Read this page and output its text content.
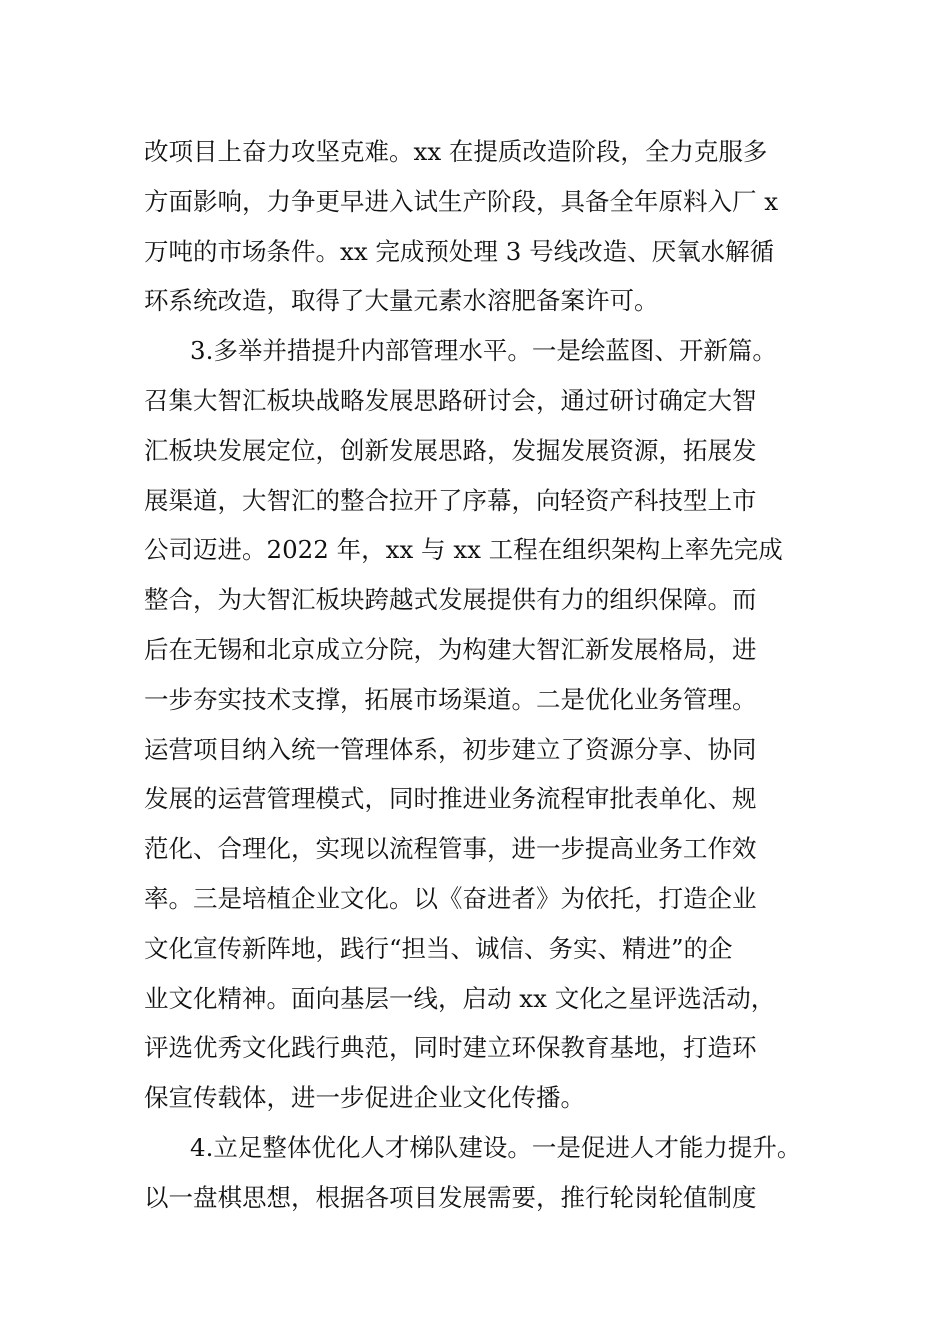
改项目上奋力攻坚克难。xx 在提质改造阶段，全力克服多
方面影响，力争更早进入试生产阶段，具备全年原料入厂 x
万吨的市场条件。xx 完成预处理 3 号线改造、厌氧水解循
环系统改造，取得了大量元素水溶肥备案许可。
3.多举并措提升内部管理水平。一是绘蓝图、开新篇。
召集大智汇板块战略发展思路研讨会，通过研讨确定大智
汇板块发展定位，创新发展思路，发掘发展资源，拓展发
展渠道，大智汇的整合拉开了序幕，向轻资产科技型上市
公司迈进。2022 年，xx 与 xx 工程在组织架构上率先完成
整合，为大智汇板块跨越式发展提供有力的组织保障。而
后在无锡和北京成立分院，为构建大智汇新发展格局，进
一步夯实技术支撑，拓展市场渠道。二是优化业务管理。
运营项目纳入统一管理体系，初步建立了资源分享、协同
发展的运营管理模式，同时推进业务流程审批表单化、规
范化、合理化，实现以流程管事，进一步提高业务工作效
率。三是培植企业文化。以《奋进者》为依托，打造企业
文化宣传新阵地，践行“担当、诚信、务实、精进”的企
业文化精神。面向基层一线，启动 xx 文化之星评选活动，
评选优秀文化践行典范，同时建立环保教育基地，打造环
保宣传载体，进一步促进企业文化传播。
4.立足整体优化人才梯队建设。一是促进人才能力提升。
以一盘棋思想，根据各项目发展需要，推行轮岗轮值制度
